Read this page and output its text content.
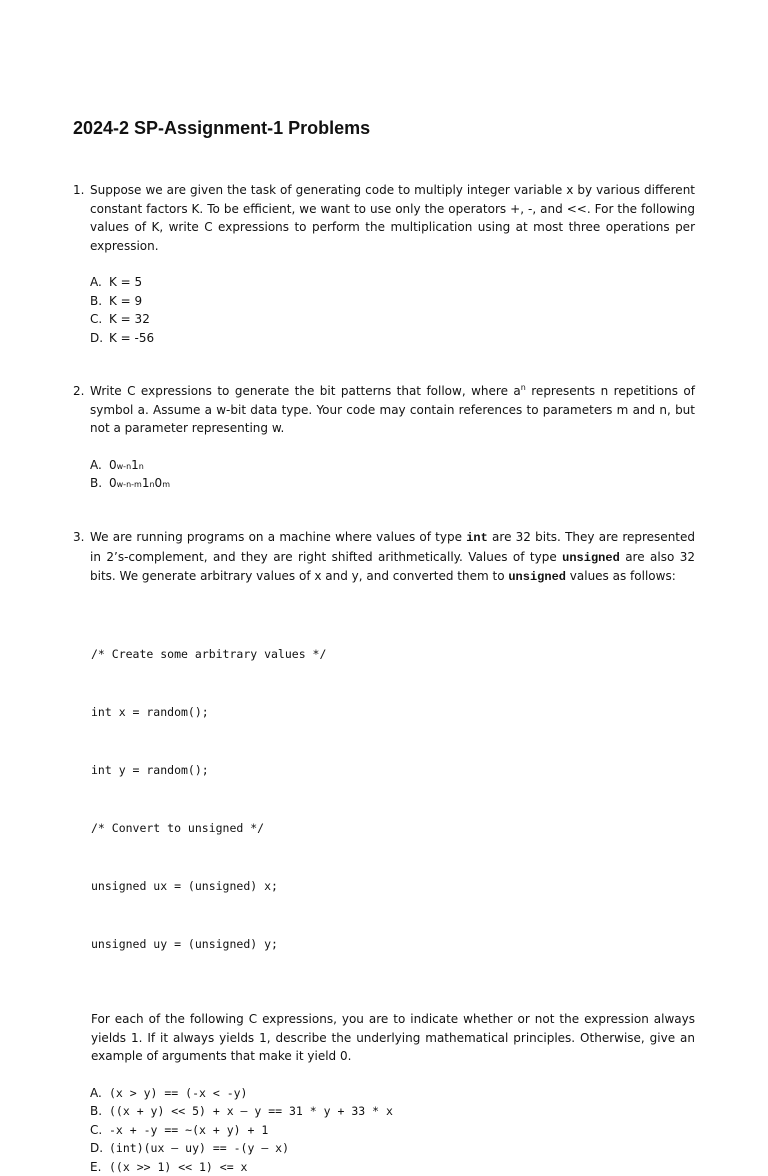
2024-2 SP-Assignment-1 Problems
1. Suppose we are given the task of generating code to multiply integer variable x by various different constant factors K. To be efficient, we want to use only the operators +, -, and <<. For the following values of K, write C expressions to perform the multiplication using at most three operations per expression.

A. K = 5
B. K = 9
C. K = 32
D. K = -56
2. Write C expressions to generate the bit patterns that follow, where $a^n$ represents n repetitions of symbol a. Assume a w-bit data type. Your code may contain references to parameters m and n, but not a parameter representing w.

A. 0 w-n 1 n
B. 0 w-n-m 1 n 0 m
3. We are running programs on a machine where values of type int are 32 bits. They are represented in 2’s-complement, and they are right shifted arithmetically. Values of type unsigned are also 32 bits. We generate arbitrary values of x and y, and converted them to unsigned values as follows:

/* Create some arbitrary values */

int x = random();

int y = random();

/* Convert to unsigned */

unsigned ux = (unsigned) x;

unsigned uy = (unsigned) y;

For each of the following C expressions, you are to indicate whether or not the expression always yields 1. If it always yields 1, describe the underlying mathematical principles. Otherwise, give an example of arguments that make it yield 0.

A. (x > y) == (-x < -y)
B. ((x + y) << 5) + x – y == 31 * y + 33 * x
C. -x + -y == ~(x + y) + 1
D. (int)(ux – uy) == -(y – x)
E. ((x >> 1) << 1) <= x
